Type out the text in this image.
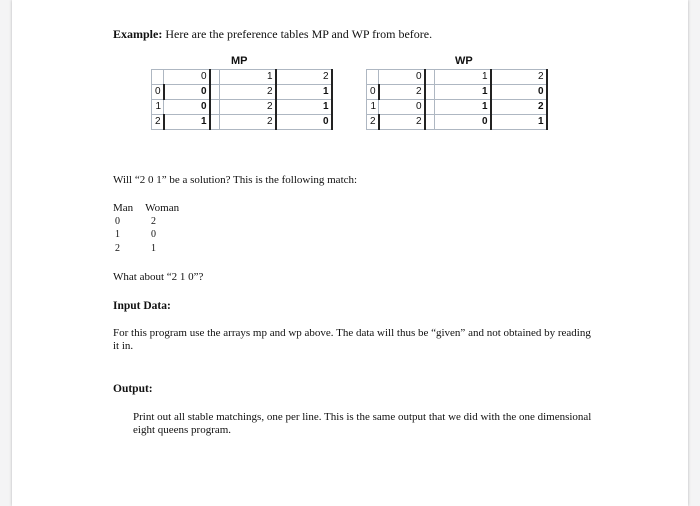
Example: Here are the preference tables MP and WP from before.
MP
	0		1	2
0	0		2	1
1	0		2	1
2	1		2	0
WP
	0		1	2
0	2		1	0
1	0		1	2
2	2		0	1
Will “2 0 1” be a solution? This is the following match:
Man Woman
0	2
1	0
2	1
What about “2 1 0”?
Input Data:
For this program use the arrays mp and wp above. The data will thus be “given” and not obtained by reading it in.
Output:
Print out all stable matchings, one per line. This is the same output that we did with the one dimensional eight queens program.
